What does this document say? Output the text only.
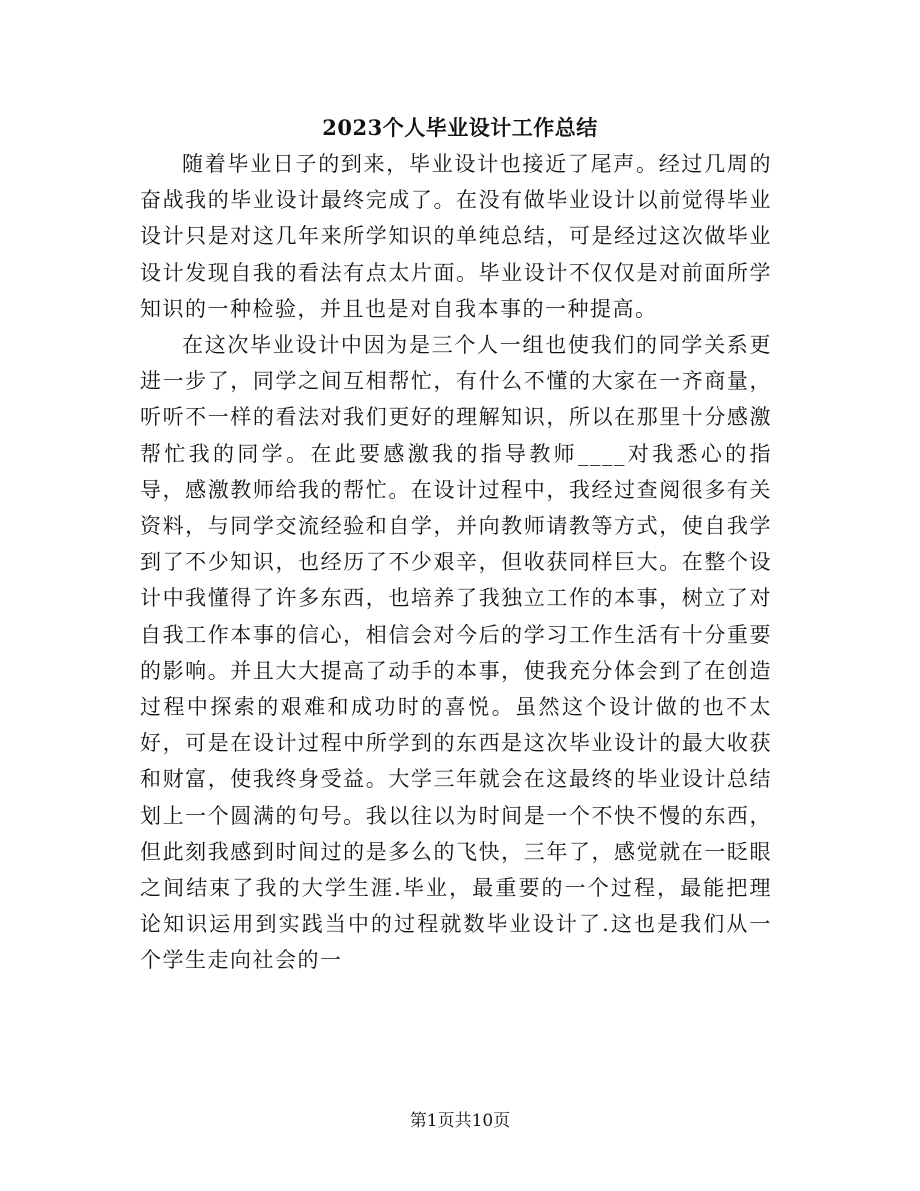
2023个人毕业设计工作总结

随着毕业日子的到来，毕业设计也接近了尾声。经过几周的奋战我的毕业设计最终完成了。在没有做毕业设计以前觉得毕业设计只是对这几年来所学知识的单纯总结，可是经过这次做毕业设计发现自我的看法有点太片面。毕业设计不仅仅是对前面所学知识的一种检验，并且也是对自我本事的一种提高。

在这次毕业设计中因为是三个人一组也使我们的同学关系更进一步了，同学之间互相帮忙，有什么不懂的大家在一齐商量，听听不一样的看法对我们更好的理解知识，所以在那里十分感激帮忙我的同学。在此要感激我的指导教师____对我悉心的指导，感激教师给我的帮忙。在设计过程中，我经过查阅很多有关资料，与同学交流经验和自学，并向教师请教等方式，使自我学到了不少知识，也经历了不少艰辛，但收获同样巨大。在整个设计中我懂得了许多东西，也培养了我独立工作的本事，树立了对自我工作本事的信心，相信会对今后的学习工作生活有十分重要的影响。并且大大提高了动手的本事，使我充分体会到了在创造过程中探索的艰难和成功时的喜悦。虽然这个设计做的也不太好，可是在设计过程中所学到的东西是这次毕业设计的最大收获和财富，使我终身受益。大学三年就会在这最终的毕业设计总结划上一个圆满的句号。我以往以为时间是一个不快不慢的东西，但此刻我感到时间过的是多么的飞快，三年了，感觉就在一眨眼之间结束了我的大学生涯.毕业，最重要的一个过程，最能把理论知识运用到实践当中的过程就数毕业设计了.这也是我们从一个学生走向社会的一

第1页共10页
